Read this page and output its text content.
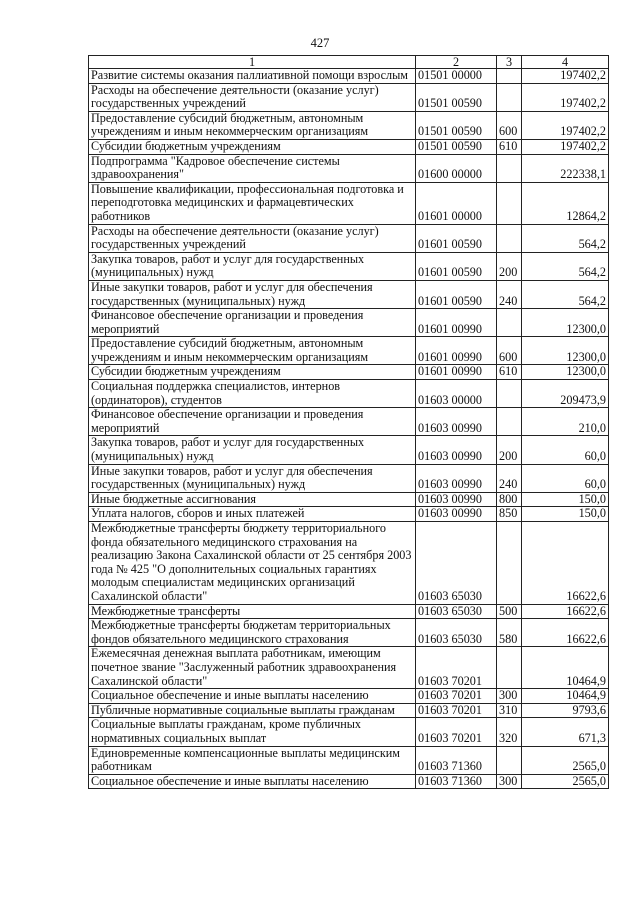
427
1	2	3	4
Развитие системы оказания паллиативной помощи взрослым	01501 00000		197402,2
Расходы на обеспечение деятельности (оказание услуг) государственных учреждений	01501 00590		197402,2
Предоставление субсидий бюджетным, автономным учреждениям и иным некоммерческим организациям	01501 00590	600	197402,2
Субсидии бюджетным учреждениям	01501 00590	610	197402,2
Подпрограмма "Кадровое обеспечение системы здравоохранения"	01600 00000		222338,1
Повышение квалификации, профессиональная подготовка и переподготовка медицинских и фармацевтических работников	01601 00000		12864,2
Расходы на обеспечение деятельности (оказание услуг) государственных учреждений	01601 00590		564,2
Закупка товаров, работ и услуг для государственных (муниципальных) нужд	01601 00590	200	564,2
Иные закупки товаров, работ и услуг для обеспечения государственных (муниципальных) нужд	01601 00590	240	564,2
Финансовое обеспечение организации и проведения мероприятий	01601 00990		12300,0
Предоставление субсидий бюджетным, автономным учреждениям и иным некоммерческим организациям	01601 00990	600	12300,0
Субсидии бюджетным учреждениям	01601 00990	610	12300,0
Социальная поддержка специалистов, интернов (ординаторов), студентов	01603 00000		209473,9
Финансовое обеспечение организации и проведения мероприятий	01603 00990		210,0
Закупка товаров, работ и услуг для государственных (муниципальных) нужд	01603 00990	200	60,0
Иные закупки товаров, работ и услуг для обеспечения государственных (муниципальных) нужд	01603 00990	240	60,0
Иные бюджетные ассигнования	01603 00990	800	150,0
Уплата налогов, сборов и иных платежей	01603 00990	850	150,0
Межбюджетные трансферты бюджету территориального фонда обязательного медицинского страхования на реализацию Закона Сахалинской области от 25 сентября 2003 года № 425 "О дополнительных социальных гарантиях молодым специалистам медицинских организаций Сахалинской области"	01603 65030		16622,6
Межбюджетные трансферты	01603 65030	500	16622,6
Межбюджетные трансферты бюджетам территориальных фондов обязательного медицинского страхования	01603 65030	580	16622,6
Ежемесячная денежная выплата работникам, имеющим почетное звание "Заслуженный работник здравоохранения Сахалинской области"	01603 70201		10464,9
Социальное обеспечение и иные выплаты населению	01603 70201	300	10464,9
Публичные нормативные социальные выплаты гражданам	01603 70201	310	9793,6
Социальные выплаты гражданам, кроме публичных нормативных социальных выплат	01603 70201	320	671,3
Единовременные компенсационные выплаты медицинским работникам	01603 71360		2565,0
Социальное обеспечение и иные выплаты населению	01603 71360	300	2565,0
